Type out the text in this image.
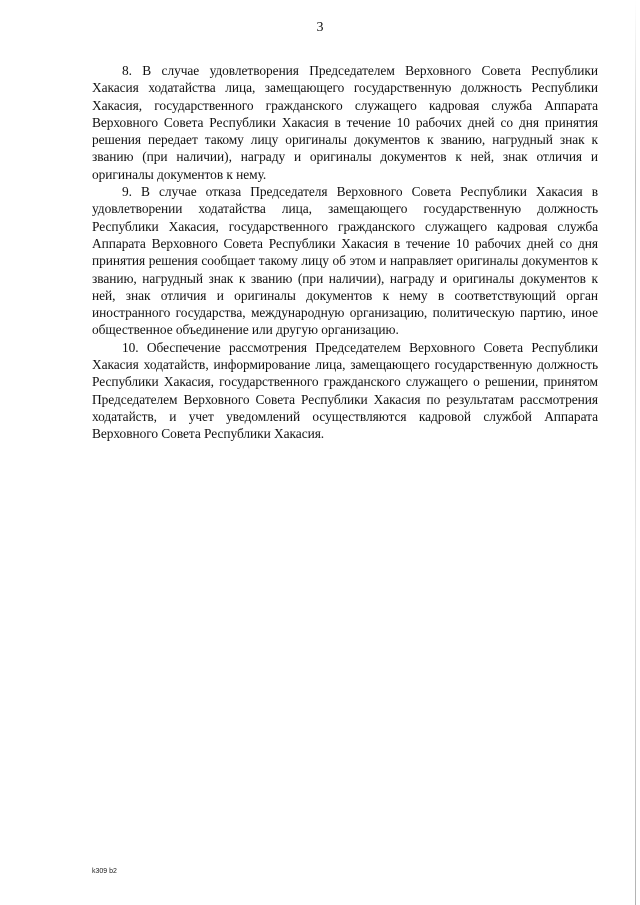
3

8. В случае удовлетворения Председателем Верховного Совета Республики Хакасия ходатайства лица, замещающего государственную должность Республики Хакасия, государственного гражданского служащего кадровая служба Аппарата Верховного Совета Республики Хакасия в течение 10 рабочих дней со дня принятия решения передает такому лицу оригиналы документов к званию, нагрудный знак к званию (при наличии), награду и оригиналы документов к ней, знак отличия и оригиналы документов к нему.

9. В случае отказа Председателя Верховного Совета Республики Хакасия в удовлетворении ходатайства лица, замещающего государственную должность Республики Хакасия, государственного гражданского служащего кадровая служба Аппарата Верховного Совета Республики Хакасия в течение 10 рабочих дней со дня принятия решения сообщает такому лицу об этом и направляет оригиналы документов к званию, нагрудный знак к званию (при наличии), награду и оригиналы документов к ней, знак отличия и оригиналы документов к нему в соответствующий орган иностранного государства, международную организацию, политическую партию, иное общественное объединение или другую организацию.

10. Обеспечение рассмотрения Председателем Верховного Совета Республики Хакасия ходатайств, информирование лица, замещающего государственную должность Республики Хакасия, государственного гражданского служащего о решении, принятом Председателем Верховного Совета Республики Хакасия по результатам рассмотрения ходатайств, и учет уведомлений осуществляются кадровой службой Аппарата Верховного Совета Республики Хакасия.

k309 b2
